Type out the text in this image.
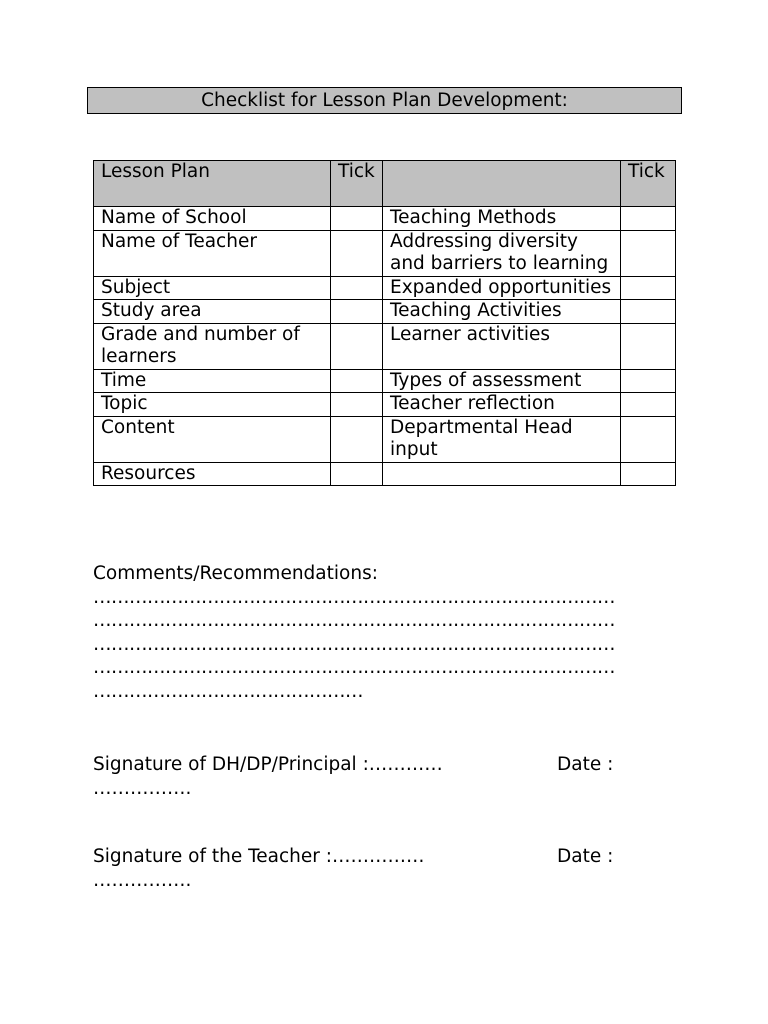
Checklist for Lesson Plan Development:
Lesson Plan	Tick		Tick
Name of School		Teaching Methods	
Name of Teacher		Addressing diversity and barriers to learning	
Subject		Expanded opportunities	
Study area		Teaching Activities	
Grade and number of learners		Learner activities	
Time		Types of assessment	
Topic		Teacher reflection	
Content		Departmental Head input	
Resources			
Comments/Recommendations:
……………………………………………………………………………
……………………………………………………………………………
……………………………………………………………………………
……………………………………………………………………………
………………………………………
Signature of DH/DP/Principal :…………	Date :
…………….
Signature of the Teacher :……………	Date :
…………….
